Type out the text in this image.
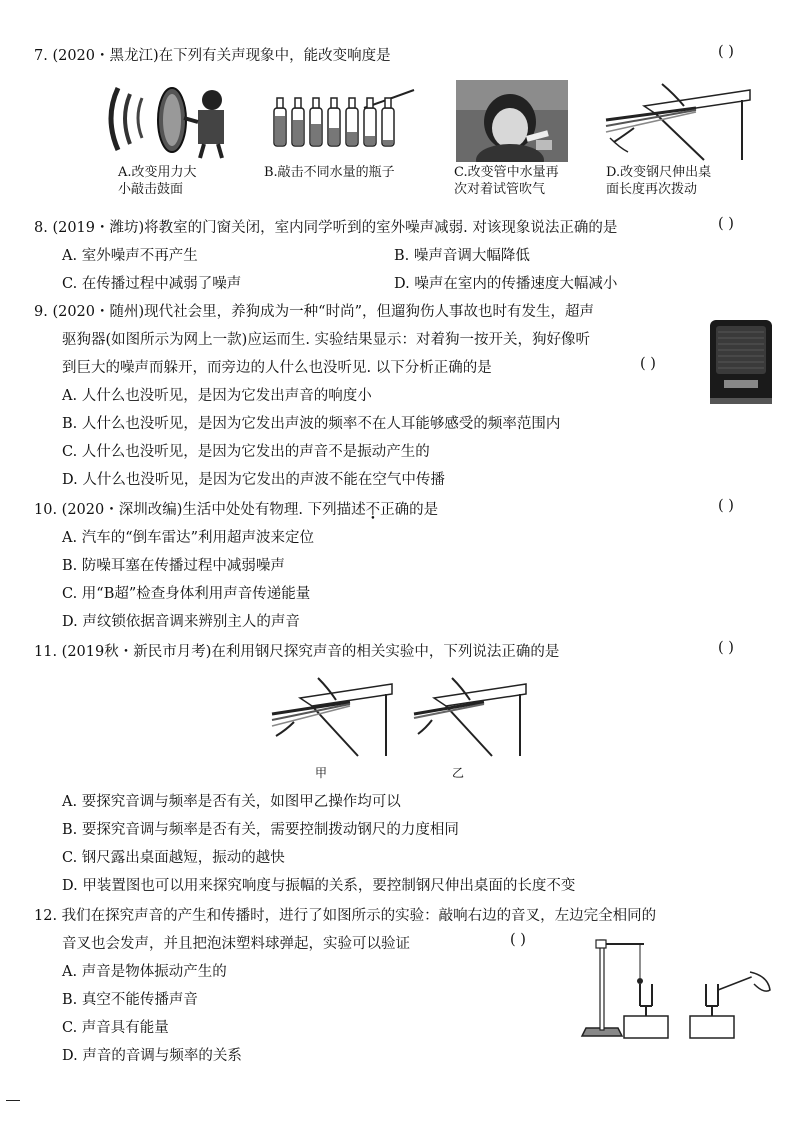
7. (2020・黑龙江)在下列有关声现象中，能改变响度是	( )
A.改变用力大
小敲击鼓面
B.敲击不同水量的瓶子	C.改变管中水量再
次对着试管吹气
D.改变钢尺伸出桌
面长度再次拨动
8. (2019・潍坊)将教室的门窗关闭，室内同学听到的室外噪声减弱. 对该现象说法正确的是	( )
A. 室外噪声不再产生	B. 噪声音调大幅降低
C. 在传播过程中减弱了噪声	D. 噪声在室内的传播速度大幅减小
9. (2020・随州)现代社会里，养狗成为一种“时尚”，但遛狗伤人事故也时有发生，超声
驱狗器(如图所示为网上一款)应运而生. 实验结果显示：对着狗一按开关，狗好像听
到巨大的噪声而躲开，而旁边的人什么也没听见. 以下分析正确的是	( )
A. 人什么也没听见，是因为它发出声音的响度小
B. 人什么也没听见，是因为它发出声波的频率不在人耳能够感受的频率范围内
C. 人什么也没听见，是因为它发出的声音不是振动产生的
D. 人什么也没听见，是因为它发出的声波不能在空气中传播
10. (2020・深圳改编)生活中处处有物理. 下列描述不正确的是	( )
A. 汽车的“倒车雷达”利用超声波来定位
B. 防噪耳塞在传播过程中减弱噪声
C. 用“B超”检查身体利用声音传递能量
D. 声纹锁依据音调来辨别主人的声音
11. (2019秋・新民市月考)在利用钢尺探究声音的相关实验中，下列说法正确的是	( )
甲	乙
A. 要探究音调与频率是否有关，如图甲乙操作均可以
B. 要探究音调与频率是否有关，需要控制拨动钢尺的力度相同
C. 钢尺露出桌面越短，振动的越快
D. 甲装置图也可以用来探究响度与振幅的关系，要控制钢尺伸出桌面的长度不变
12. 我们在探究声音的产生和传播时，进行了如图所示的实验：敲响右边的音叉，左边完全相同的
音叉也会发声，并且把泡沫塑料球弹起，实验可以验证	( )
A. 声音是物体振动产生的
B. 真空不能传播声音
C. 声音具有能量
D. 声音的音调与频率的关系
